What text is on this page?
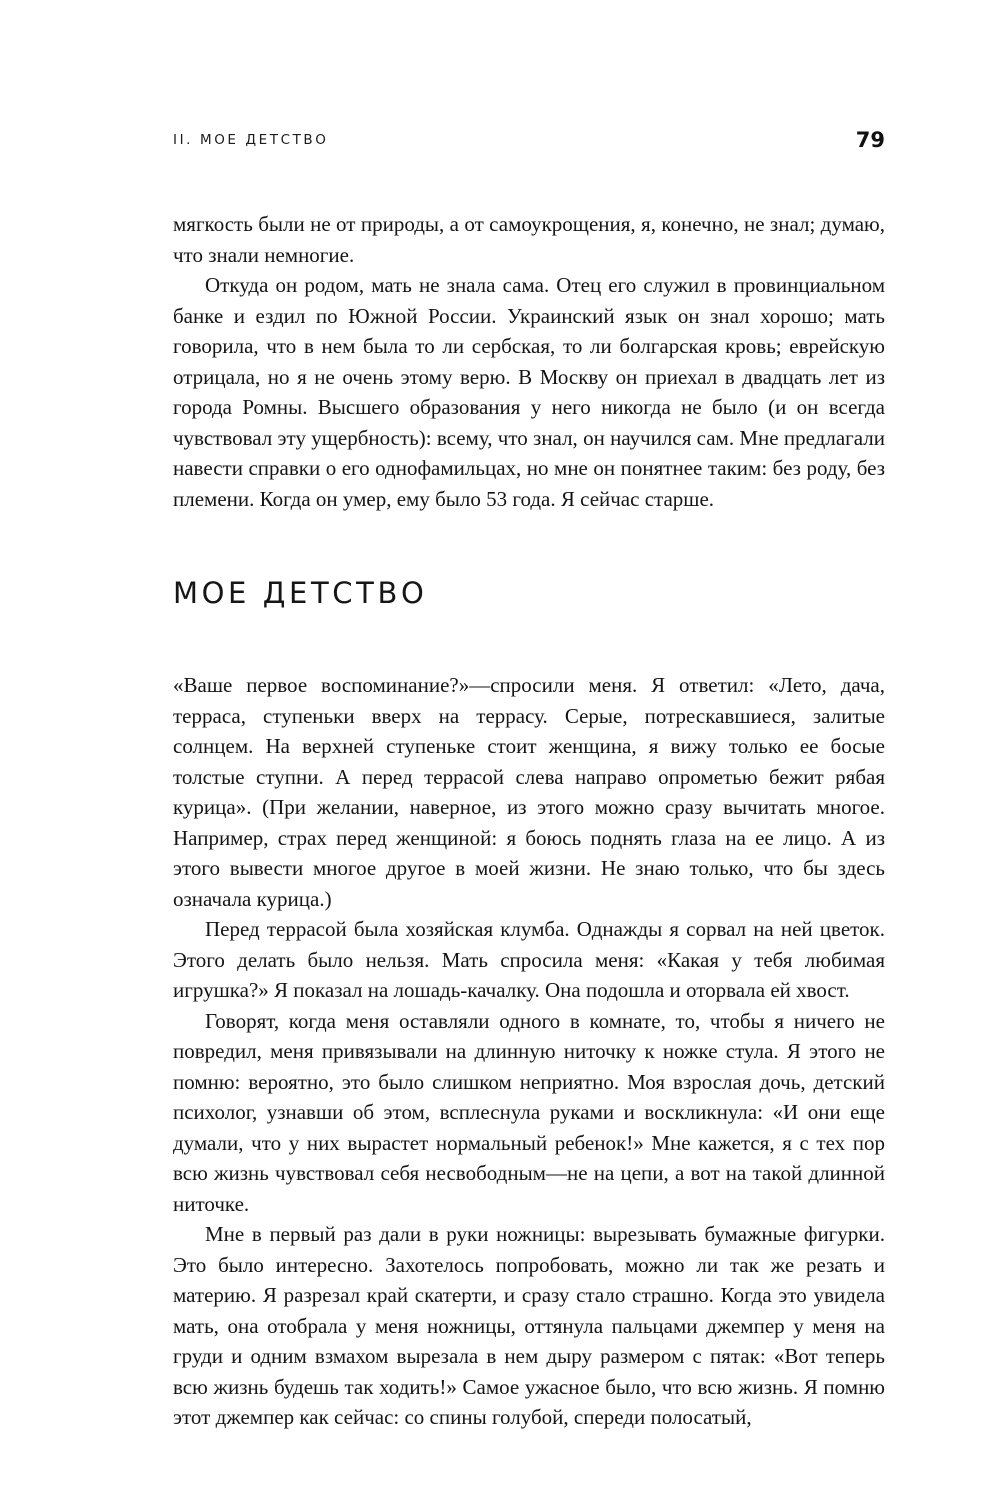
II. МОЕ ДЕТСТВО	79

мягкость были не от природы, а от самоукрощения, я, конечно, не знал; думаю, что знали немногие.

Откуда он родом, мать не знала сама. Отец его служил в провинциальном банке и ездил по Южной России. Украинский язык он знал хорошо; мать говорила, что в нем была то ли сербская, то ли болгарская кровь; еврейскую отрицала, но я не очень этому верю. В Москву он приехал в двадцать лет из города Ромны. Высшего образования у него никогда не было (и он всегда чувствовал эту ущербность): всему, что знал, он научился сам. Мне предлагали навести справки о его однофамильцах, но мне он понятнее таким: без роду, без племени. Когда он умер, ему было 53 года. Я сейчас старше.

МОЕ ДЕТСТВО

«Ваше первое воспоминание?»—спросили меня. Я ответил: «Лето, дача, терраса, ступеньки вверх на террасу. Серые, потрескавшиеся, залитые солнцем. На верхней ступеньке стоит женщина, я вижу только ее босые толстые ступни. А перед террасой слева направо опрометью бежит рябая курица». (При желании, наверное, из этого можно сразу вычитать многое. Например, страх перед женщиной: я боюсь поднять глаза на ее лицо. А из этого вывести многое другое в моей жизни. Не знаю только, что бы здесь означала курица.)

Перед террасой была хозяйская клумба. Однажды я сорвал на ней цветок. Этого делать было нельзя. Мать спросила меня: «Какая у тебя любимая игрушка?» Я показал на лошадь-качалку. Она подошла и оторвала ей хвост.

Говорят, когда меня оставляли одного в комнате, то, чтобы я ничего не повредил, меня привязывали на длинную ниточку к ножке стула. Я этого не помню: вероятно, это было слишком неприятно. Моя взрослая дочь, детский психолог, узнавши об этом, всплеснула руками и воскликнула: «И они еще думали, что у них вырастет нормальный ребенок!» Мне кажется, я с тех пор всю жизнь чувствовал себя несвободным—не на цепи, а вот на такой длинной ниточке.

Мне в первый раз дали в руки ножницы: вырезывать бумажные фигурки. Это было интересно. Захотелось попробовать, можно ли так же резать и материю. Я разрезал край скатерти, и сразу стало страшно. Когда это увидела мать, она отобрала у меня ножницы, оттянула пальцами джемпер у меня на груди и одним взмахом вырезала в нем дыру размером с пятак: «Вот теперь всю жизнь будешь так ходить!» Самое ужасное было, что всю жизнь. Я помню этот джемпер как сейчас: со спины голубой, спереди полосатый,
